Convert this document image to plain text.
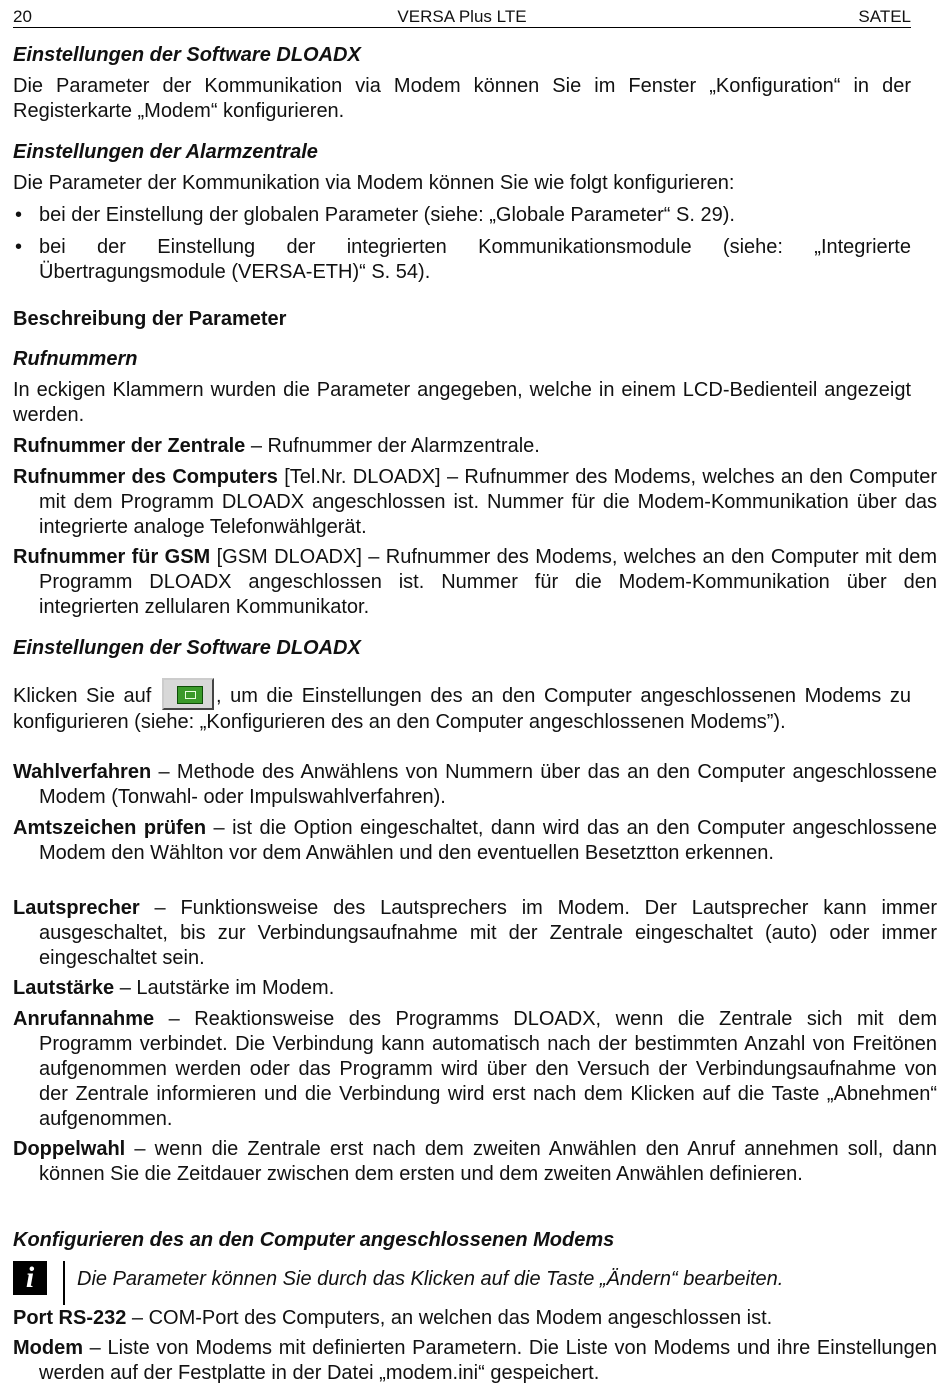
20	VERSA Plus LTE	SATEL
Einstellungen der Software DLOADX
Die Parameter der Kommunikation via Modem können Sie im Fenster „Konfiguration“ in der Registerkarte „Modem“ konfigurieren.
Einstellungen der Alarmzentrale
Die Parameter der Kommunikation via Modem können Sie wie folgt konfigurieren:
• bei der Einstellung der globalen Parameter (siehe: „Globale Parameter“ S. 29).
• bei der Einstellung der integrierten Kommunikationsmodule (siehe: „Integrierte Übertragungsmodule (VERSA-ETH)“ S. 54).
Beschreibung der Parameter
Rufnummern
In eckigen Klammern wurden die Parameter angegeben, welche in einem LCD-Bedienteil angezeigt werden.
Rufnummer der Zentrale – Rufnummer der Alarmzentrale.
Rufnummer des Computers [Tel.Nr. DLOADX] – Rufnummer des Modems, welches an den Computer mit dem Programm DLOADX angeschlossen ist. Nummer für die Modem-Kommunikation über das integrierte analoge Telefonwählgerät.
Rufnummer für GSM [GSM DLOADX] – Rufnummer des Modems, welches an den Computer mit dem Programm DLOADX angeschlossen ist. Nummer für die Modem-Kommunikation über den integrierten zellularen Kommunikator.
Einstellungen der Software DLOADX
Klicken Sie auf	, um die Einstellungen des an den Computer angeschlossenen Modems zu konfigurieren (siehe: „Konfigurieren des an den Computer angeschlossenen Modems”).
Wahlverfahren – Methode des Anwählens von Nummern über das an den Computer angeschlossene Modem (Tonwahl- oder Impulswahlverfahren).
Amtszeichen prüfen – ist die Option eingeschaltet, dann wird das an den Computer angeschlossene Modem den Wählton vor dem Anwählen und den eventuellen Besetztton erkennen.
Lautsprecher – Funktionsweise des Lautsprechers im Modem. Der Lautsprecher kann immer ausgeschaltet, bis zur Verbindungsaufnahme mit der Zentrale eingeschaltet (auto) oder immer eingeschaltet sein.
Lautstärke – Lautstärke im Modem.
Anrufannahme – Reaktionsweise des Programms DLOADX, wenn die Zentrale sich mit dem Programm verbindet. Die Verbindung kann automatisch nach der bestimmten Anzahl von Freitönen aufgenommen werden oder das Programm wird über den Versuch der Verbindungsaufnahme von der Zentrale informieren und die Verbindung wird erst nach dem Klicken auf die Taste „Abnehmen“ aufgenommen.
Doppelwahl – wenn die Zentrale erst nach dem zweiten Anwählen den Anruf annehmen soll, dann können Sie die Zeitdauer zwischen dem ersten und dem zweiten Anwählen definieren.
Konfigurieren des an den Computer angeschlossenen Modems
i	Die Parameter können Sie durch das Klicken auf die Taste „Ändern“ bearbeiten.
Port RS-232 – COM-Port des Computers, an welchen das Modem angeschlossen ist.
Modem – Liste von Modems mit definierten Parametern. Die Liste von Modems und ihre Einstellungen werden auf der Festplatte in der Datei „modem.ini“ gespeichert.
